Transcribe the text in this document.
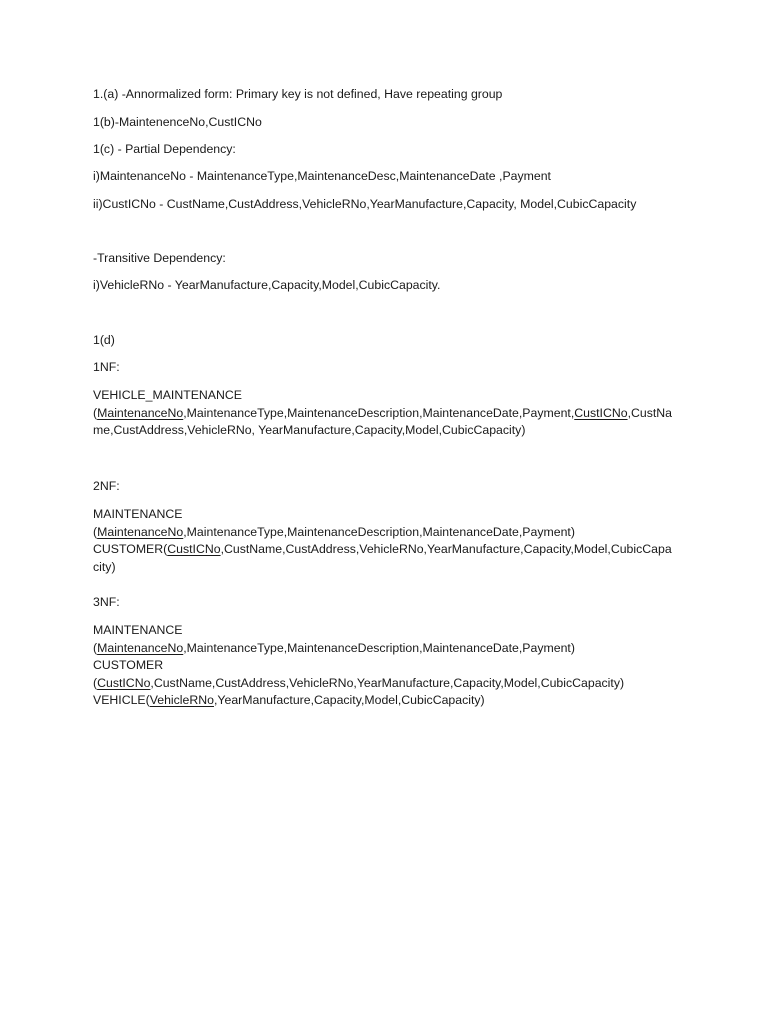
1.(a) -Annormalized form: Primary key is not defined, Have repeating group

1(b)-MaintenenceNo,CustICNo

1(c) - Partial Dependency:

i)MaintenanceNo - MaintenanceType,MaintenanceDesc,MaintenanceDate ,Payment

ii)CustICNo - CustName,CustAddress,VehicleRNo,YearManufacture,Capacity, Model,CubicCapacity

-Transitive Dependency:

i)VehicleRNo - YearManufacture,Capacity,Model,CubicCapacity.

1(d)

1NF:

VEHICLE_MAINTENANCE
(MaintenanceNo,MaintenanceType,MaintenanceDescription,MaintenanceDate,Payment,CustICNo,CustName,CustAddress,VehicleRNo, YearManufacture,Capacity,Model,CubicCapacity)

2NF:

MAINTENANCE
(MaintenanceNo,MaintenanceType,MaintenanceDescription,MaintenanceDate,Payment)
CUSTOMER(CustICNo,CustName,CustAddress,VehicleRNo,YearManufacture,Capacity,Model,CubicCapacity)

3NF:

MAINTENANCE
(MaintenanceNo,MaintenanceType,MaintenanceDescription,MaintenanceDate,Payment)
CUSTOMER
(CustICNo,CustName,CustAddress,VehicleRNo,YearManufacture,Capacity,Model,CubicCapacity)
VEHICLE(VehicleRNo,YearManufacture,Capacity,Model,CubicCapacity)
